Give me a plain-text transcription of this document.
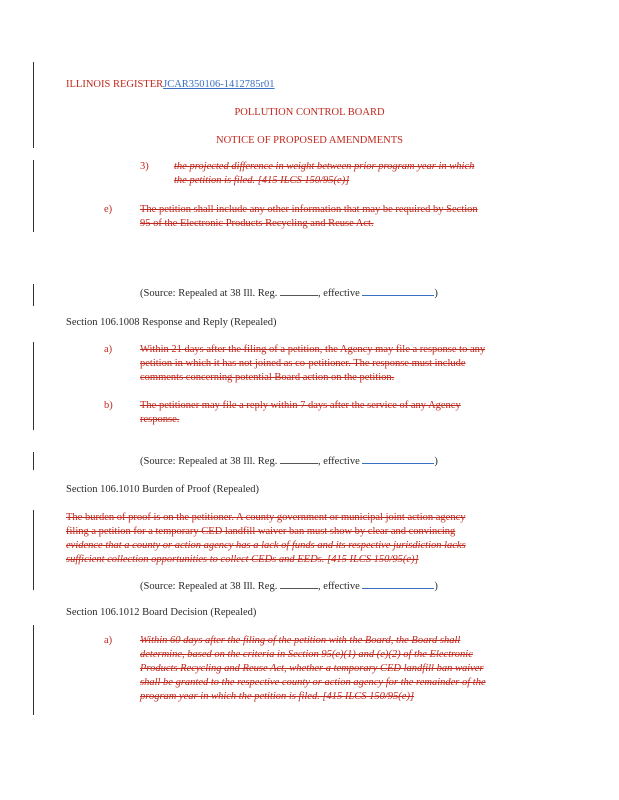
ILLINOIS REGISTERJCAR350106-1412785r01
POLLUTION CONTROL BOARD
NOTICE OF PROPOSED AMENDMENTS
3) the projected difference in weight between prior program year in which
the petition is filed. [415 ILCS 150/95(e)]
e)	The petition shall include any other information that may be required by Section
95 of the Electronic Products Recycling and Reuse Act.
(Source: Repealed at 38 Ill. Reg.	, effective	)
Section 106.1008 Response and Reply (Repealed)
a)	Within 21 days after the filing of a petition, the Agency may file a response to any
petition in which it has not joined as co-petitioner. The response must include
comments concerning potential Board action on the petition.
b)	The petitioner may file a reply within 7 days after the service of any Agency
response.
(Source: Repealed at 38 Ill. Reg.	, effective	)
Section 106.1010 Burden of Proof (Repealed)
The burden of proof is on the petitioner. A county government or municipal joint action agency
filing a petition for a temporary CED landfill waiver ban must show by clear and convincing
evidence that a county or action agency has a lack of funds and its respective jurisdiction lacks
sufficient collection opportunities to collect CEDs and EEDs. [415 ILCS 150/95(e)]
(Source: Repealed at 38 Ill. Reg.	, effective	)
Section 106.1012 Board Decision (Repealed)
a)	Within 60 days after the filing of the petition with the Board, the Board shall
determine, based on the criteria in Section 95(e)(1) and (e)(2) of the Electronic
Products Recycling and Reuse Act, whether a temporary CED landfill ban waiver
shall be granted to the respective county or action agency for the remainder of the
program year in which the petition is filed. [415 ILCS 150/95(e)]
